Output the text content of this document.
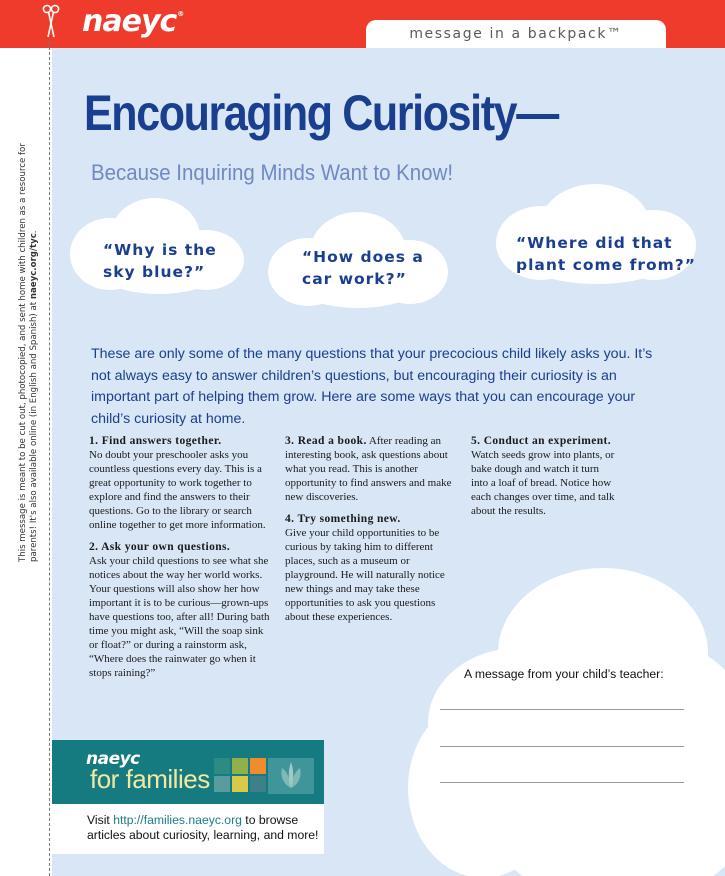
naeyc®
message in a backpack™
This message is meant to be cut out, photocopied, and sent home with children as a resource for parents! It's also available online (in English and Spanish) at naeyc.org/tyc.
Encouraging Curiosity—
Because Inquiring Minds Want to Know!
“Why is the
sky blue?”
“How does a
car work?”
“Where did that
plant come from?”
These are only some of the many questions that your precocious child likely asks you. It’s not always easy to answer children’s questions, but encouraging their curiosity is an important part of helping them grow. Here are some ways that you can encourage your child’s curiosity at home.

1. Find answers together.
No doubt your preschooler asks you countless questions every day. This is a great opportunity to work together to explore and find the answers to their questions. Go to the library or search online together to get more information.

2. Ask your own questions.
Ask your child questions to see what she notices about the way her world works. Your questions will also show her how important it is to be curious—grown-ups have questions too, after all! During bath time you might ask, “Will the soap sink or float?” or during a rainstorm ask, “Where does the rainwater go when it stops raining?”

3. Read a book. After reading an interesting book, ask questions about what you read. This is another opportunity to find answers and make new discoveries.

4. Try something new.
Give your child opportunities to be curious by taking him to different places, such as a museum or playground. He will naturally notice new things and may take these opportunities to ask you questions about these experiences.

5. Conduct an experiment. Watch seeds grow into plants, or bake dough and watch it turn into a loaf of bread. Notice how each changes over time, and talk about the results.

A message from your child’s teacher:
naeyc
for families
Visit http://families.naeyc.org to browse articles about curiosity, learning, and more!
